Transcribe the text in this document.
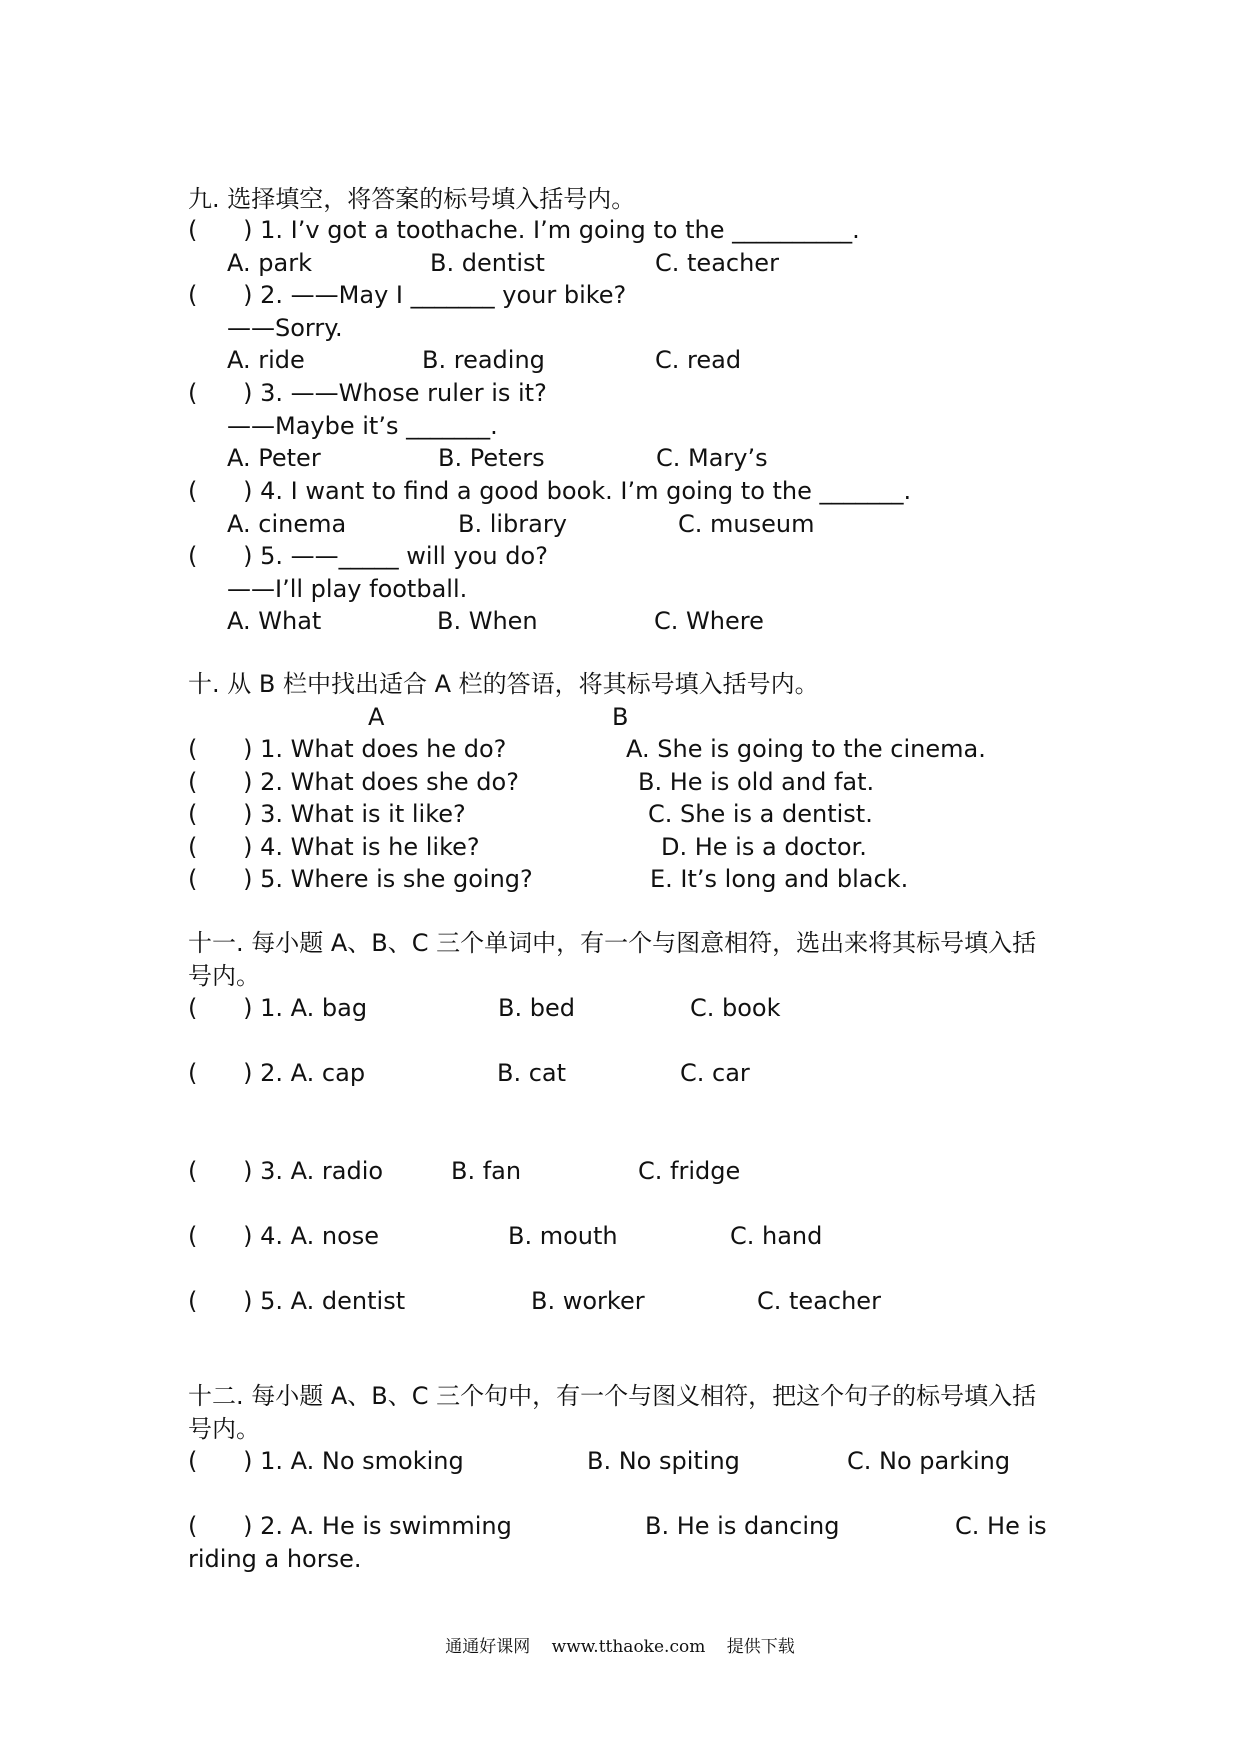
九. 选择填空，将答案的标号填入括号内。
(      ) 1. I’v got a toothache. I’m going to the __________.
A. park	B. dentist	C. teacher
(      ) 2. ——May I _______ your bike?
——Sorry.
A. ride	B. reading	C. read
(      ) 3. ——Whose ruler is it?
——Maybe it’s _______.
A. Peter	B. Peters	C. Mary’s
(      ) 4. I want to find a good book. I’m going to the _______.
A. cinema	B. library	C. museum
(      ) 5. ——_____ will you do?
——I’ll play football.
A. What	B. When	C. Where
十. 从 B 栏中找出适合 A 栏的答语，将其标号填入括号内。
A	B
(      ) 1. What does he do?	A. She is going to the cinema.
(      ) 2. What does she do?	B. He is old and fat.
(      ) 3. What is it like?	C. She is a dentist.
(      ) 4. What is he like?	D. He is a doctor.
(      ) 5. Where is she going?	E. It’s long and black.
十一. 每小题 A、B、C 三个单词中，有一个与图意相符，选出来将其标号填入括
号内。
(      ) 1. A. bag	B. bed	C. book
(      ) 2. A. cap	B. cat	C. car
(      ) 3. A. radio	B. fan	C. fridge
(      ) 4. A. nose	B. mouth	C. hand
(      ) 5. A. dentist	B. worker	C. teacher
十二. 每小题 A、B、C 三个句中，有一个与图义相符，把这个句子的标号填入括
号内。
(      ) 1. A. No smoking	B. No spiting	C. No parking
(      ) 2. A. He is swimming	B. He is dancing	C. He is
riding a horse.
通通好课网 www.tthaoke.com 提供下载
